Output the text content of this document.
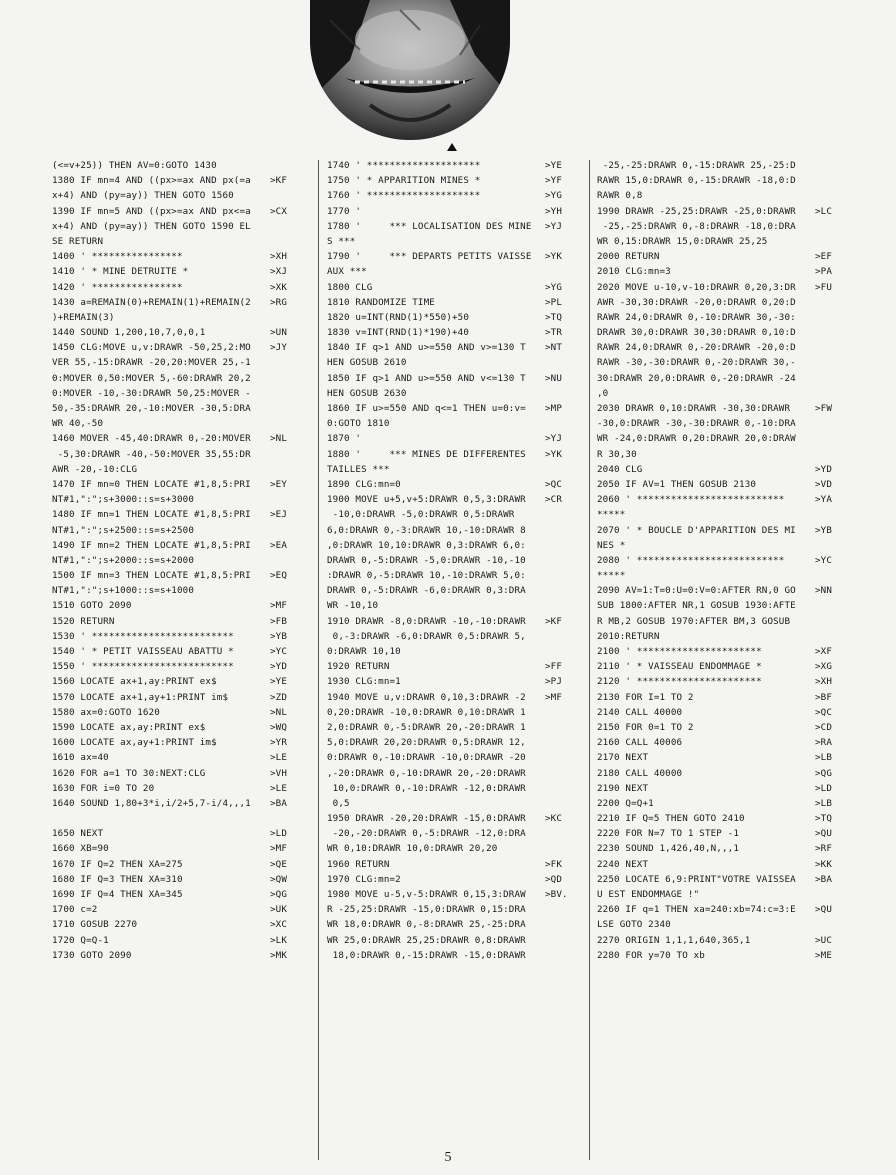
(<=v+25)) THEN AV=0:GOTO 1430
1380 IF mn=4 AND ((px>=ax AND px(=a >KF
x+4) AND (py=ay)) THEN GOTO 1560
1390 IF mn=5 AND ((px>=ax AND px<=a >CX
x+4) AND (py=ay)) THEN GOTO 1590 EL
SE RETURN
1400 ' ****************	>XH
1410 ' * MINE DETRUITE *	>XJ
1420 ' ****************	>XK
1430 a=REMAIN(0)+REMAIN(1)+REMAIN(2 >RG
)+REMAIN(3)
1440 SOUND 1,200,10,7,0,0,1	>UN
1450 CLG:MOVE u,v:DRAWR -50,25,2:MO >JY
VER 55,-15:DRAWR -20,20:MOVER 25,-1
0:MOVER 0,50:MOVER 5,-60:DRAWR 20,2
0:MOVER -10,-30:DRAWR 50,25:MOVER -
50,-35:DRAWR 20,-10:MOVER -30,5:DRA
WR 40,-50
1460 MOVER -45,40:DRAWR 0,-20:MOVER >NL
-5,30:DRAWR -40,-50:MOVER 35,55:DR
AWR -20,-10:CLG
1470 IF mn=0 THEN LOCATE #1,8,5:PRI >EY
NT#1,":";s+3000::s=s+3000
1480 IF mn=1 THEN LOCATE #1,8,5:PRI >EJ
NT#1,":";s+2500::s=s+2500
1490 IF mn=2 THEN LOCATE #1,8,5:PRI >EA
NT#1,":";s+2000::s=s+2000
1500 IF mn=3 THEN LOCATE #1,8,5:PRI >EQ
NT#1,":";s+1000::s=s+1000
1510 GOTO 2090	>MF
1520 RETURN	>FB
1530 ' *************************	>YB
1540 ' * PETIT VAISSEAU ABATTU *	>YC
1550 ' *************************	>YD
1560 LOCATE ax+1,ay:PRINT ex$	>YE
1570 LOCATE ax+1,ay+1:PRINT im$	>ZD
1580 ax=0:GOTO 1620	>NL
1590 LOCATE ax,ay:PRINT ex$	>WQ
1600 LOCATE ax,ay+1:PRINT im$	>YR
1610 ax=40	>LE
1620 FOR a=1 TO 30:NEXT:CLG	>VH
1630 FOR i=0 TO 20	>LE
1640 SOUND 1,80+3*i,i/2+5,7-i/4,,,1 >BA
1650 NEXT	>LD
1660 XB=90	>MF
1670 IF Q=2 THEN XA=275	>QE
1680 IF Q=3 THEN XA=310	>QW
1690 IF Q=4 THEN XA=345	>QG
1700 c=2	>UK
1710 GOSUB 2270	>XC
1720 Q=Q-1	>LK
1730 GOTO 2090	>MK
1740 ' ********************	>YE
1750 ' * APPARITION MINES *	>YF
1760 ' ********************	>YG
1770 '	>YH
1780 '     *** LOCALISATION DES MINE >YJ
S ***
1790 '     *** DEPARTS PETITS VAISSE >YK
AUX ***
1800 CLG	>YG
1810 RANDOMIZE TIME	>PL
1820 u=INT(RND(1)*550)+50	>TQ
1830 v=INT(RND(1)*190)+40	>TR
1840 IF q>1 AND u>=550 AND v>=130 T >NT
HEN GOSUB 2610
1850 IF q>1 AND u>=550 AND v<=130 T >NU
HEN GOSUB 2630
1860 IF u>=550 AND q<=1 THEN u=0:v= >MP
0:GOTO 1810
1870 '	>YJ
1880 '     *** MINES DE DIFFERENTES >YK
TAILLES ***
1890 CLG:mn=0	>QC
1900 MOVE u+5,v+5:DRAWR 0,5,3:DRAWR >CR
-10,0:DRAWR -5,0:DRAWR 0,5:DRAWR
6,0:DRAWR 0,-3:DRAWR 10,-10:DRAWR 8
,0:DRAWR 10,10:DRAWR 0,3:DRAWR 6,0:
DRAWR 0,-5:DRAWR -5,0:DRAWR -10,-10
:DRAWR 0,-5:DRAWR 10,-10:DRAWR 5,0:
DRAWR 0,-5:DRAWR -6,0:DRAWR 0,3:DRA
WR -10,10
1910 DRAWR -8,0:DRAWR -10,-10:DRAWR >KF
0,-3:DRAWR -6,0:DRAWR 0,5:DRAWR 5,
0:DRAWR 10,10
1920 RETURN	>FF
1930 CLG:mn=1	>PJ
1940 MOVE u,v:DRAWR 0,10,3:DRAWR -2 >MF
0,20:DRAWR -10,0:DRAWR 0,10:DRAWR 1
2,0:DRAWR 0,-5:DRAWR 20,-20:DRAWR 1
5,0:DRAWR 20,20:DRAWR 0,5:DRAWR 12,
0:DRAWR 0,-10:DRAWR -10,0:DRAWR -20
,-20:DRAWR 0,-10:DRAWR 20,-20:DRAWR
10,0:DRAWR 0,-10:DRAWR -12,0:DRAWR
0,5
1950 DRAWR -20,20:DRAWR -15,0:DRAWR >KC
-20,-20:DRAWR 0,-5:DRAWR -12,0:DRA
WR 0,10:DRAWR 10,0:DRAWR 20,20
1960 RETURN	>FK
1970 CLG:mn=2	>QD
1980 MOVE u-5,v-5:DRAWR 0,15,3:DRAW >BV.
R -25,25:DRAWR -15,0:DRAWR 0,15:DRA
WR 18,0:DRAWR 0,-8:DRAWR 25,-25:DRA
WR 25,0:DRAWR 25,25:DRAWR 0,8:DRAWR
18,0:DRAWR 0,-15:DRAWR -15,0:DRAWR
-25,-25:DRAWR 0,-15:DRAWR 25,-25:D
RAWR 15,0:DRAWR 0,-15:DRAWR -18,0:D
RAWR 0,8
1990 DRAWR -25,25:DRAWR -25,0:DRAWR >LC
-25,-25:DRAWR 0,-8:DRAWR -18,0:DRA
WR 0,15:DRAWR 15,0:DRAWR 25,25
2000 RETURN	>EF
2010 CLG:mn=3	>PA
2020 MOVE u-10,v-10:DRAWR 0,20,3:DR >FU
AWR -30,30:DRAWR -20,0:DRAWR 0,20:D
RAWR 24,0:DRAWR 0,-10:DRAWR 30,-30:
DRAWR 30,0:DRAWR 30,30:DRAWR 0,10:D
RAWR 24,0:DRAWR 0,-20:DRAWR -20,0:D
RAWR -30,-30:DRAWR 0,-20:DRAWR 30,-
30:DRAWR 20,0:DRAWR 0,-20:DRAWR -24
,0
2030 DRAWR 0,10:DRAWR -30,30:DRAWR	>FW
-30,0:DRAWR -30,-30:DRAWR 0,-10:DRA
WR -24,0:DRAWR 0,20:DRAWR 20,0:DRAW
R 30,30
2040 CLG	>YD
2050 IF AV=1 THEN GOSUB 2130	>VD
2060 ' **************************	>YA
*****
2070 ' * BOUCLE D'APPARITION DES MI >YB
NES *
2080 ' **************************	>YC
*****
2090 AV=1:T=0:U=0:V=0:AFTER RN,0 GO >NN
SUB 1800:AFTER NR,1 GOSUB 1930:AFTE
R MB,2 GOSUB 1970:AFTER BM,3 GOSUB
2010:RETURN
2100 ' **********************	>XF
2110 ' * VAISSEAU ENDOMMAGE *	>XG
2120 ' **********************	>XH
2130 FOR I=1 TO 2	>BF
2140 CALL 40000	>QC
2150 FOR 0=1 TO 2	>CD
2160 CALL 40006	>RA
2170 NEXT	>LB
2180 CALL 40000	>QG
2190 NEXT	>LD
2200 Q=Q+1	>LB
2210 IF Q=5 THEN GOTO 2410	>TQ
2220 FOR N=7 TO 1 STEP -1	>QU
2230 SOUND 1,426,40,N,,,1	>RF
2240 NEXT	>KK
2250 LOCATE 6,9:PRINT"VOTRE VAISSEA >BA
U EST ENDOMMAGE !"
2260 IF q=1 THEN xa=240:xb=74:c=3:E >QU
LSE GOTO 2340
2270 ORIGIN 1,1,1,640,365,1	>UC
2280 FOR y=70 TO xb	>ME
5
